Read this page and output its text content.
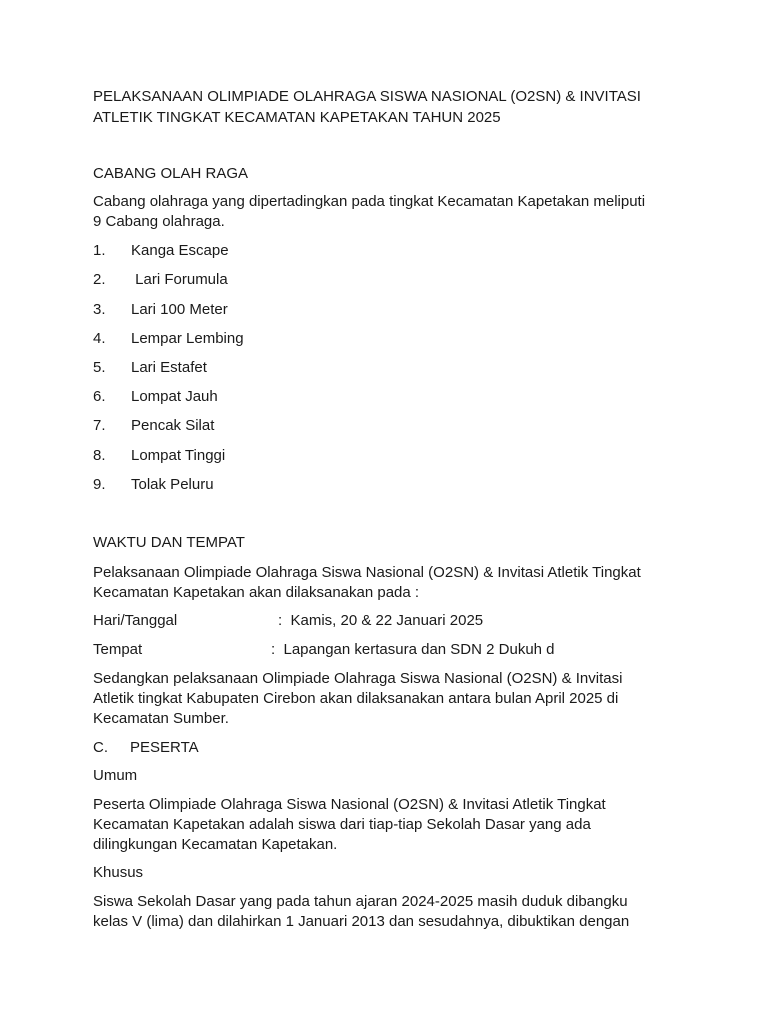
PELAKSANAAN OLIMPIADE OLAHRAGA SISWA NASIONAL (O2SN) & INVITASI
ATLETIK TINGKAT KECAMATAN KAPETAKAN TAHUN 2025
CABANG OLAH RAGA
Cabang olahraga yang dipertadingkan pada tingkat Kecamatan Kapetakan meliputi
9 Cabang olahraga.
1. Kanga Escape
2. Lari Forumula
3. Lari 100 Meter
4. Lempar Lembing
5. Lari Estafet
6. Lompat Jauh
7. Pencak Silat
8. Lompat Tinggi
9. Tolak Peluru
WAKTU DAN TEMPAT
Pelaksanaan Olimpiade Olahraga Siswa Nasional (O2SN) & Invitasi Atletik Tingkat
Kecamatan Kapetakan akan dilaksanakan pada :
Hari/Tanggal	:  Kamis, 20 & 22 Januari 2025
Tempat	:  Lapangan kertasura dan SDN 2 Dukuh d
Sedangkan pelaksanaan Olimpiade Olahraga Siswa Nasional (O2SN) & Invitasi
Atletik tingkat Kabupaten Cirebon akan dilaksanakan antara bulan April 2025 di
Kecamatan Sumber.
C. PESERTA
Umum
Peserta Olimpiade Olahraga Siswa Nasional (O2SN) & Invitasi Atletik Tingkat
Kecamatan Kapetakan adalah siswa dari tiap-tiap Sekolah Dasar yang ada
dilingkungan Kecamatan Kapetakan.
Khusus
Siswa Sekolah Dasar yang pada tahun ajaran 2024-2025 masih duduk dibangku
kelas V (lima) dan dilahirkan 1 Januari 2013 dan sesudahnya, dibuktikan dengan
